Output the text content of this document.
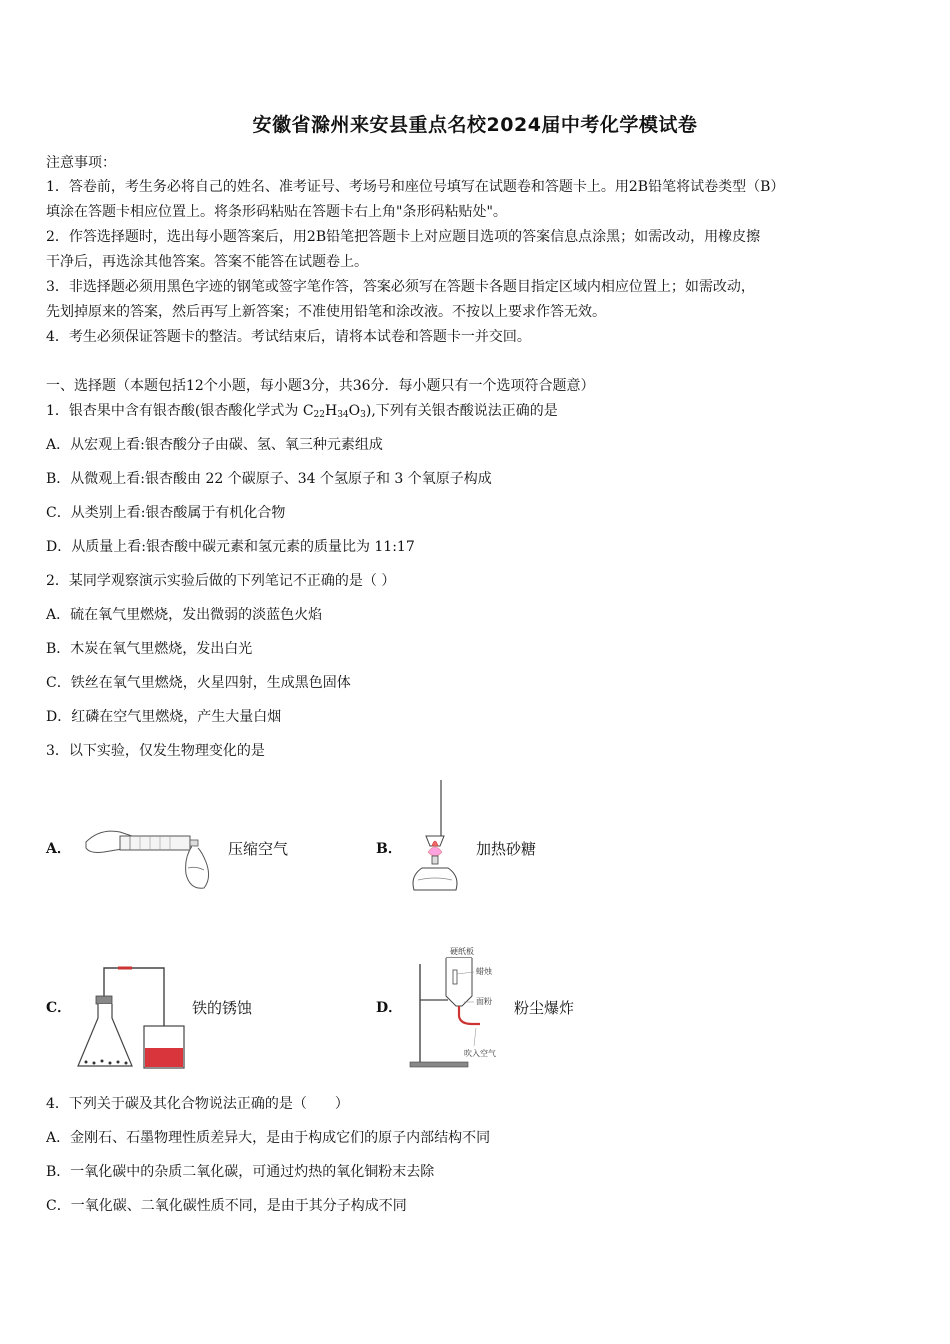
安徽省滁州来安县重点名校2024届中考化学模试卷
注意事项：
1．答卷前，考生务必将自己的姓名、准考证号、考场号和座位号填写在试题卷和答题卡上。用2B铅笔将试卷类型（B）
填涂在答题卡相应位置上。将条形码粘贴在答题卡右上角"条形码粘贴处"。
2．作答选择题时，选出每小题答案后，用2B铅笔把答题卡上对应题目选项的答案信息点涂黑；如需改动，用橡皮擦
干净后，再选涂其他答案。答案不能答在试题卷上。
3．非选择题必须用黑色字迹的钢笔或签字笔作答，答案必须写在答题卡各题目指定区域内相应位置上；如需改动，
先划掉原来的答案，然后再写上新答案；不准使用铅笔和涂改液。不按以上要求作答无效。
4．考生必须保证答题卡的整洁。考试结束后，请将本试卷和答题卡一并交回。
一、选择题（本题包括12个小题，每小题3分，共36分．每小题只有一个选项符合题意）
1．银杏果中含有银杏酸(银杏酸化学式为 $C_{22}H_{34}O_3$),下列有关银杏酸说法正确的是
A．从宏观上看:银杏酸分子由碳、氢、氧三种元素组成
B．从微观上看:银杏酸由 22 个碳原子、34 个氢原子和 3 个氧原子构成
C．从类别上看:银杏酸属于有机化合物
D．从质量上看:银杏酸中碳元素和氢元素的质量比为 11:17
2．某同学观察演示实验后做的下列笔记不正确的是（ ）
A．硫在氧气里燃烧，发出微弱的淡蓝色火焰
B．木炭在氧气里燃烧，发出白光
C．铁丝在氧气里燃烧，火星四射，生成黑色固体
D．红磷在空气里燃烧，产生大量白烟
3．以下实验，仅发生物理变化的是
A．	压缩空气	B．	加热砂糖
C．	铁的锈蚀	D．
硬纸板
蜡烛
面粉
吹入空气
粉尘爆炸
4．下列关于碳及其化合物说法正确的是（　　）
A．金刚石、石墨物理性质差异大，是由于构成它们的原子内部结构不同
B．一氧化碳中的杂质二氧化碳，可通过灼热的氧化铜粉末去除
C．一氧化碳、二氧化碳性质不同，是由于其分子构成不同
